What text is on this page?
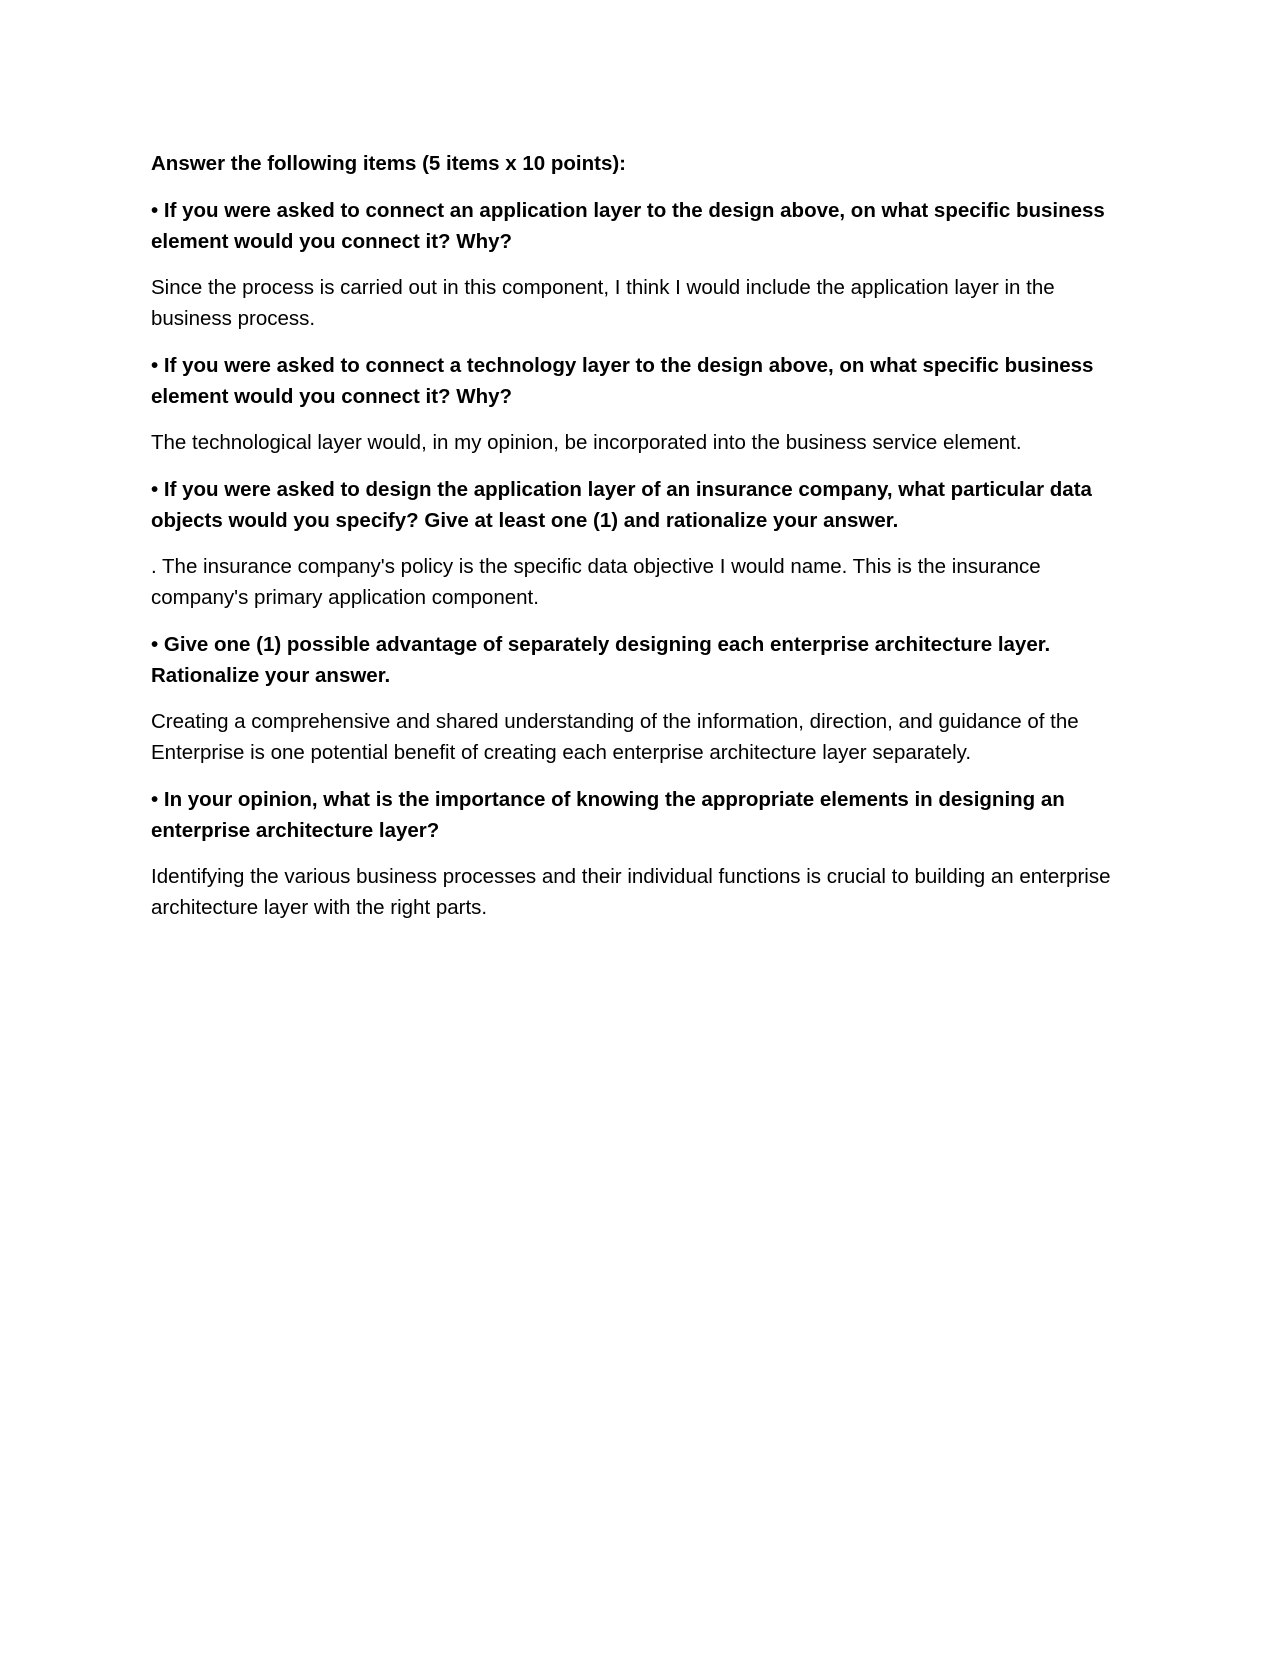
Answer the following items (5 items x 10 points):

• If you were asked to connect an application layer to the design above, on what specific business element would you connect it? Why?

Since the process is carried out in this component, I think I would include the application layer in the business process.

• If you were asked to connect a technology layer to the design above, on what specific business element would you connect it? Why?

The technological layer would, in my opinion, be incorporated into the business service element.

• If you were asked to design the application layer of an insurance company, what particular data objects would you specify? Give at least one (1) and rationalize your answer.

. The insurance company's policy is the specific data objective I would name. This is the insurance company's primary application component.

• Give one (1) possible advantage of separately designing each enterprise architecture layer. Rationalize your answer.

Creating a comprehensive and shared understanding of the information, direction, and guidance of the Enterprise is one potential benefit of creating each enterprise architecture layer separately.

• In your opinion, what is the importance of knowing the appropriate elements in designing an enterprise architecture layer?

Identifying the various business processes and their individual functions is crucial to building an enterprise architecture layer with the right parts.
